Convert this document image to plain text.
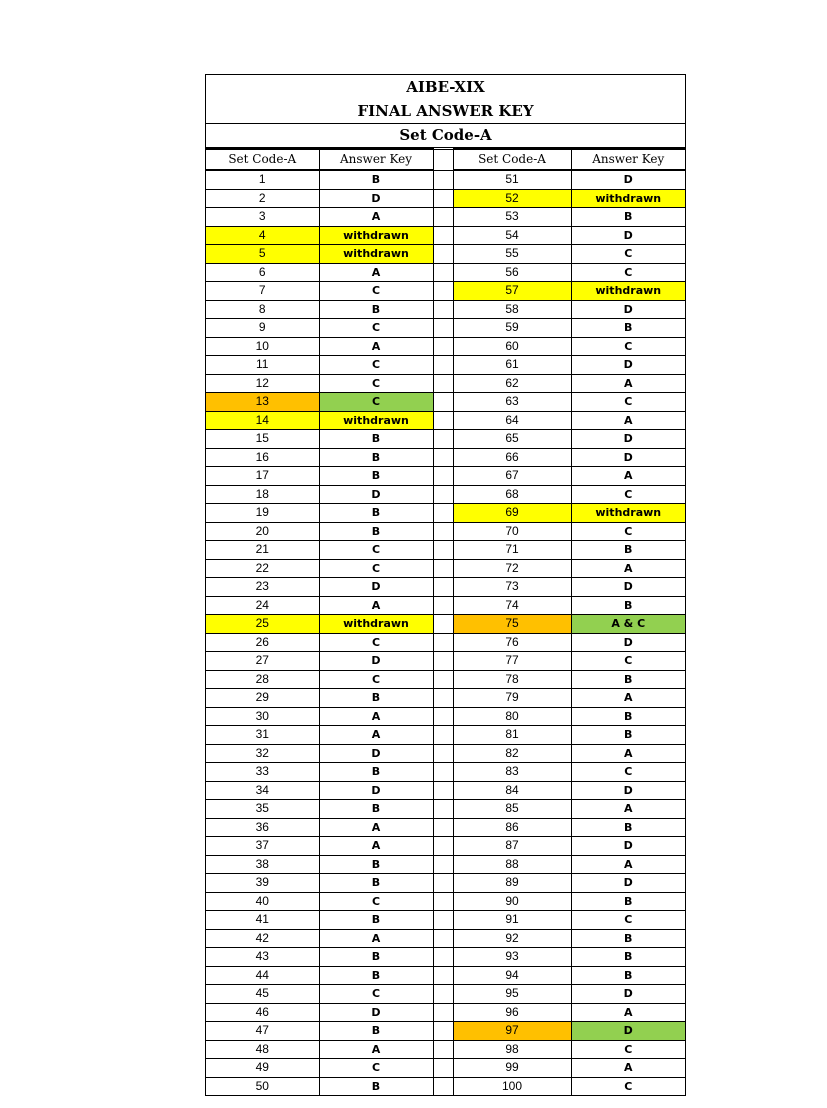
AIBE-XIX
FINAL ANSWER KEY
Set Code-A
Set Code-A	Answer Key		Set Code-A	Answer Key
1	B		51	D
2	D		52	withdrawn
3	A		53	B
4	withdrawn		54	D
5	withdrawn		55	C
6	A		56	C
7	C		57	withdrawn
8	B		58	D
9	C		59	B
10	A		60	C
11	C		61	D
12	C		62	A
13	C		63	C
14	withdrawn		64	A
15	B		65	D
16	B		66	D
17	B		67	A
18	D		68	C
19	B		69	withdrawn
20	B		70	C
21	C		71	B
22	C		72	A
23	D		73	D
24	A		74	B
25	withdrawn		75	A & C
26	C		76	D
27	D		77	C
28	C		78	B
29	B		79	A
30	A		80	B
31	A		81	B
32	D		82	A
33	B		83	C
34	D		84	D
35	B		85	A
36	A		86	B
37	A		87	D
38	B		88	A
39	B		89	D
40	C		90	B
41	B		91	C
42	A		92	B
43	B		93	B
44	B		94	B
45	C		95	D
46	D		96	A
47	B		97	D
48	A		98	C
49	C		99	A
50	B		100	C
